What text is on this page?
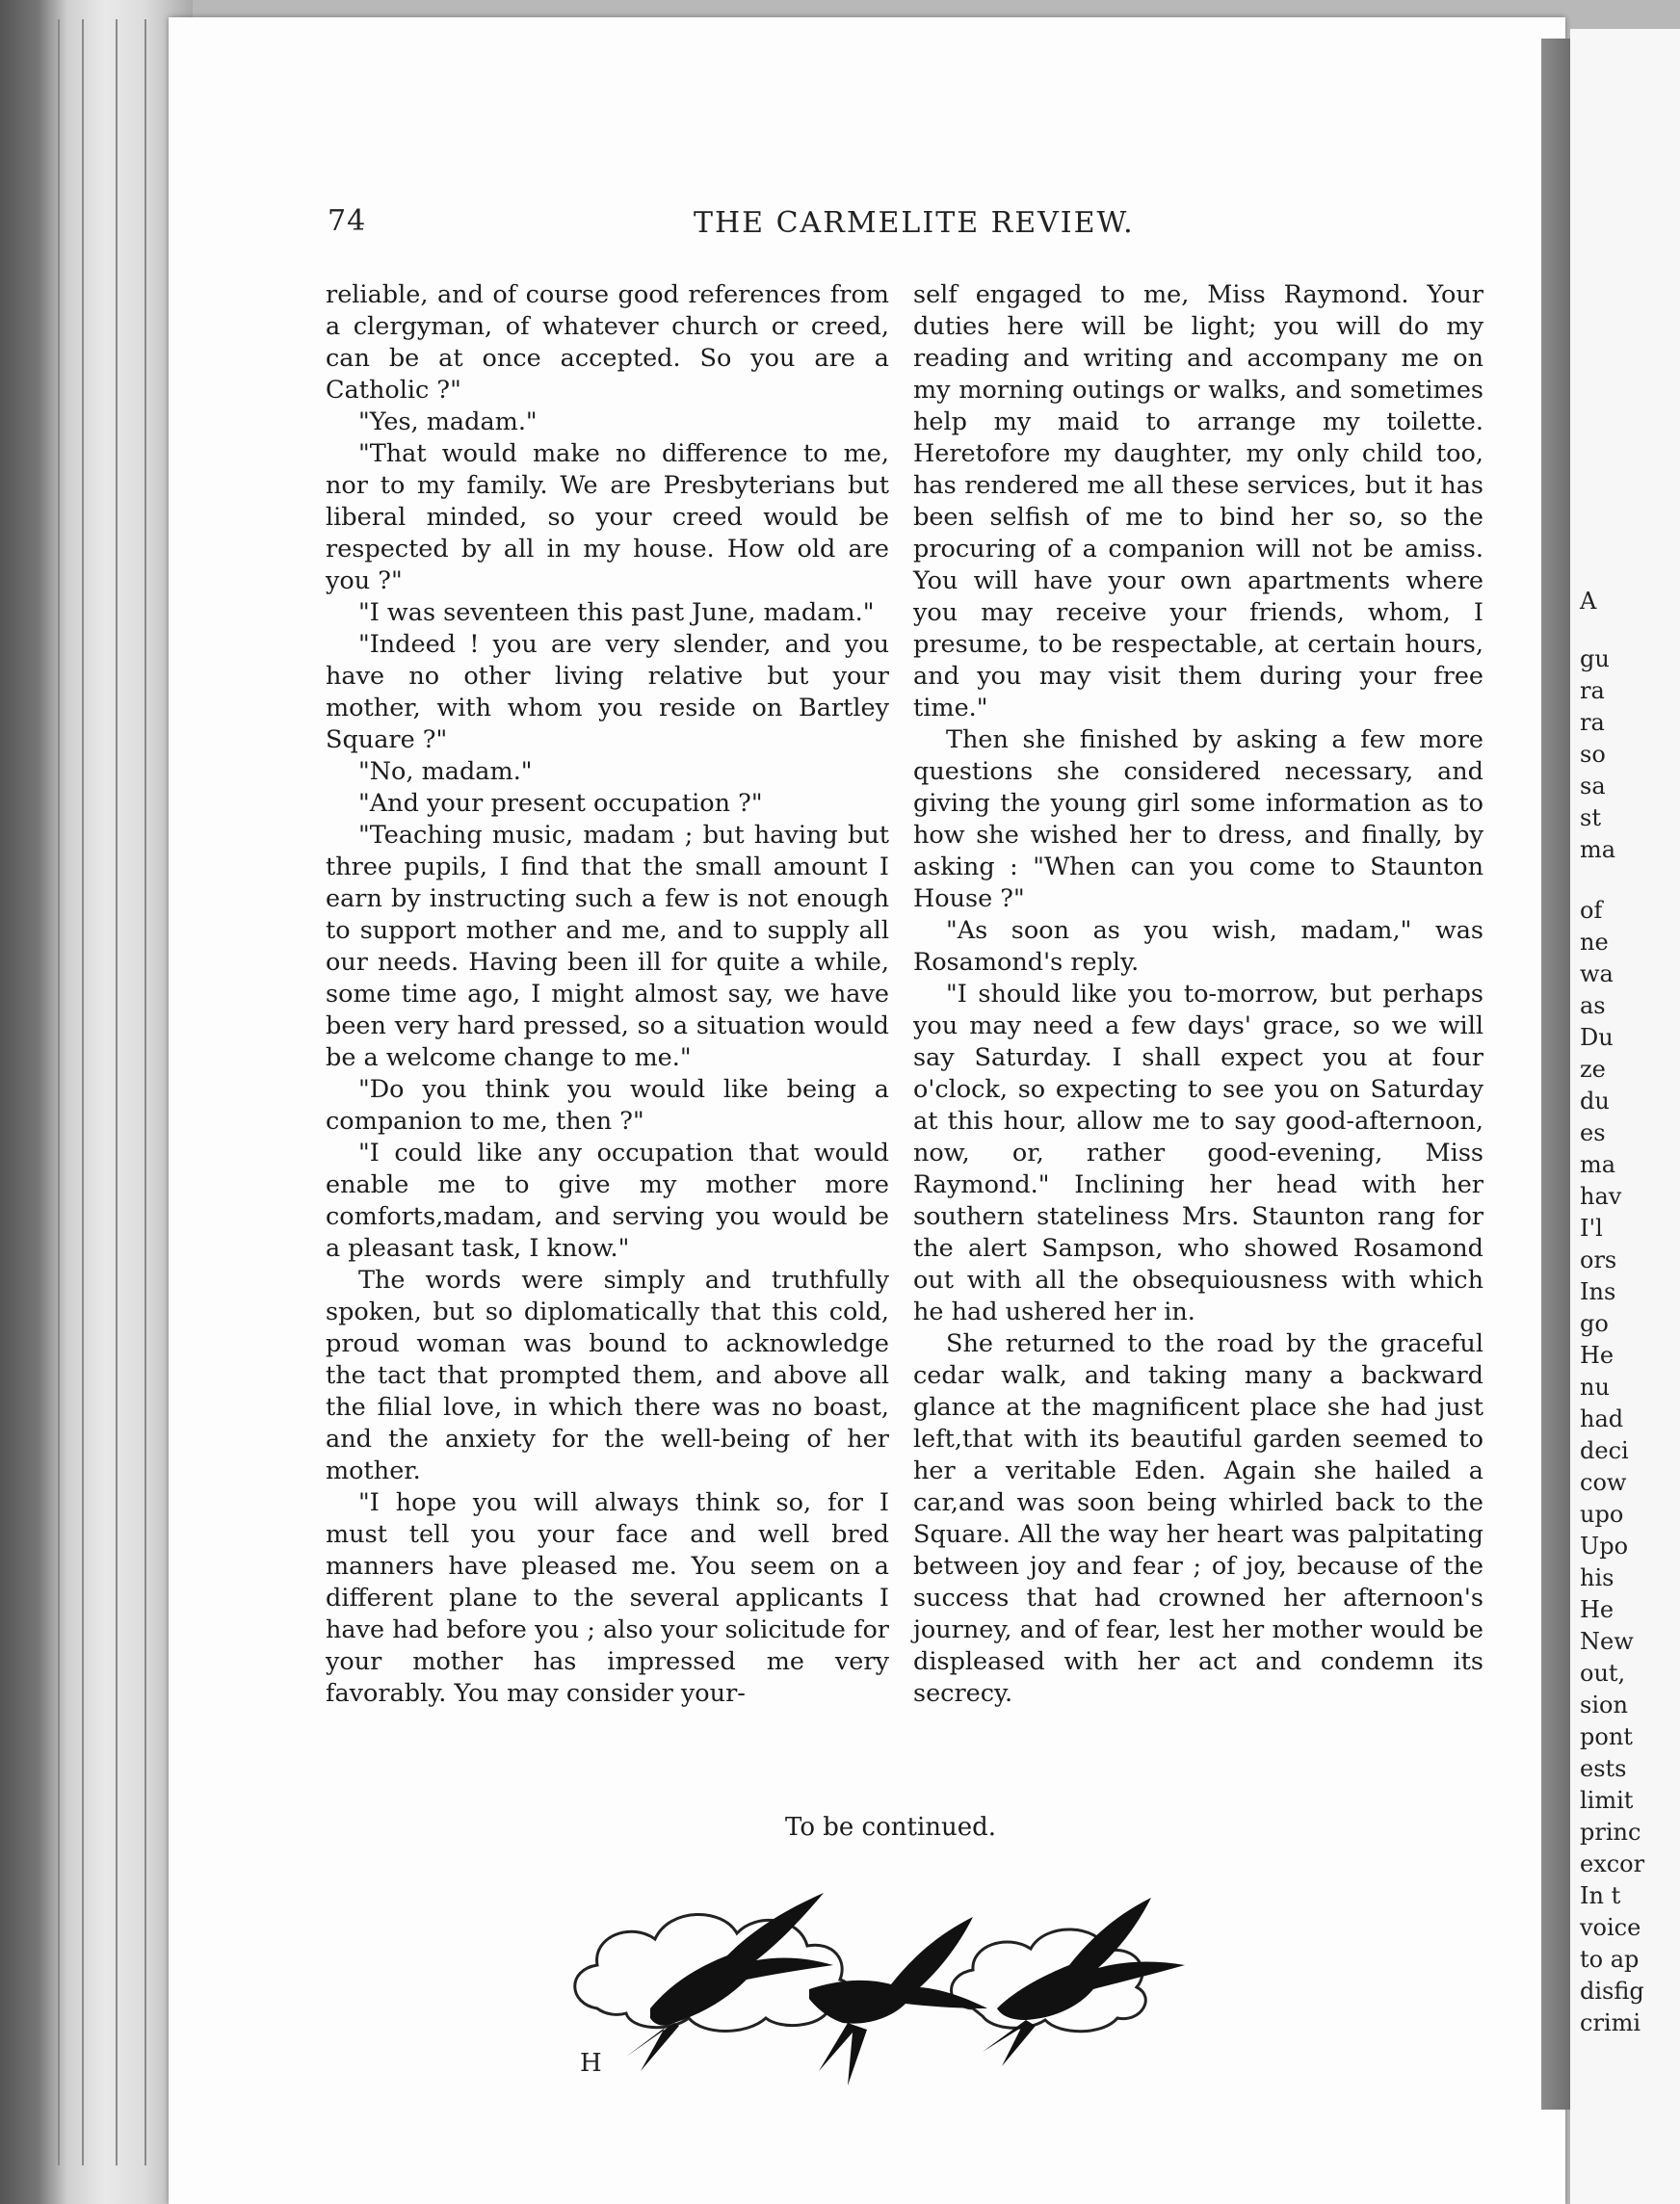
74	THE CARMELITE REVIEW.

reliable, and of course good references from a clergyman, of whatever church or creed, can be at once accepted. So you are a Catholic ?"

"Yes, madam."

"That would make no difference to me, nor to my family. We are Presbyterians but liberal minded, so your creed would be respected by all in my house. How old are you ?"

"I was seventeen this past June, madam."

"Indeed ! you are very slender, and you have no other living relative but your mother, with whom you reside on Bartley Square ?"

"No, madam."

"And your present occupation ?"

"Teaching music, madam ; but having but three pupils, I find that the small amount I earn by instructing such a few is not enough to support mother and me, and to supply all our needs. Having been ill for quite a while, some time ago, I might almost say, we have been very hard pressed, so a situation would be a welcome change to me."

"Do you think you would like being a companion to me, then ?"

"I could like any occupation that would enable me to give my mother more comforts,madam, and serving you would be a pleasant task, I know."

The words were simply and truthfully spoken, but so diplomatically that this cold, proud woman was bound to acknowledge the tact that prompted them, and above all the filial love, in which there was no boast, and the anxiety for the well-being of her mother.

"I hope you will always think so, for I must tell you your face and well bred manners have pleased me. You seem on a different plane to the several applicants I have had before you ; also your solicitude for your mother has impressed me very favorably. You may consider your-

self engaged to me, Miss Raymond. Your duties here will be light; you will do my reading and writing and accompany me on my morning outings or walks, and sometimes help my maid to arrange my toilette. Heretofore my daughter, my only child too, has rendered me all these services, but it has been selfish of me to bind her so, so the procuring of a companion will not be amiss. You will have your own apartments where you may receive your friends, whom, I presume, to be respectable, at certain hours, and you may visit them during your free time."

Then she finished by asking a few more questions she considered necessary, and giving the young girl some information as to how she wished her to dress, and finally, by asking : "When can you come to Staunton House ?"

"As soon as you wish, madam," was Rosamond's reply.

"I should like you to-morrow, but perhaps you may need a few days' grace, so we will say Saturday. I shall expect you at four o'clock, so expecting to see you on Saturday at this hour, allow me to say good-afternoon, now, or, rather good-evening, Miss Raymond." Inclining her head with her southern stateliness Mrs. Staunton rang for the alert Sampson, who showed Rosamond out with all the obsequiousness with which he had ushered her in.

She returned to the road by the graceful cedar walk, and taking many a backward glance at the magnificent place she had just left,that with its beautiful garden seemed to her a veritable Eden. Again she hailed a car,and was soon being whirled back to the Square. All the way her heart was palpitating between joy and fear ; of joy, because of the success that had crowned her afternoon's journey, and of fear, lest her mother would be displeased with her act and condemn its secrecy.

To be continued.
H
A
gu
ra
ra
so
sa
st
ma
of
ne
wa
as
Du
ze
du
es
ma
hav
I'l
ors
Ins
go
He
nu
had
deci
cow
upo
Upo
his
He
New
out,
sion
pont
ests
limit
princ
excor
In t
voice
to ap
disfig
crimi
